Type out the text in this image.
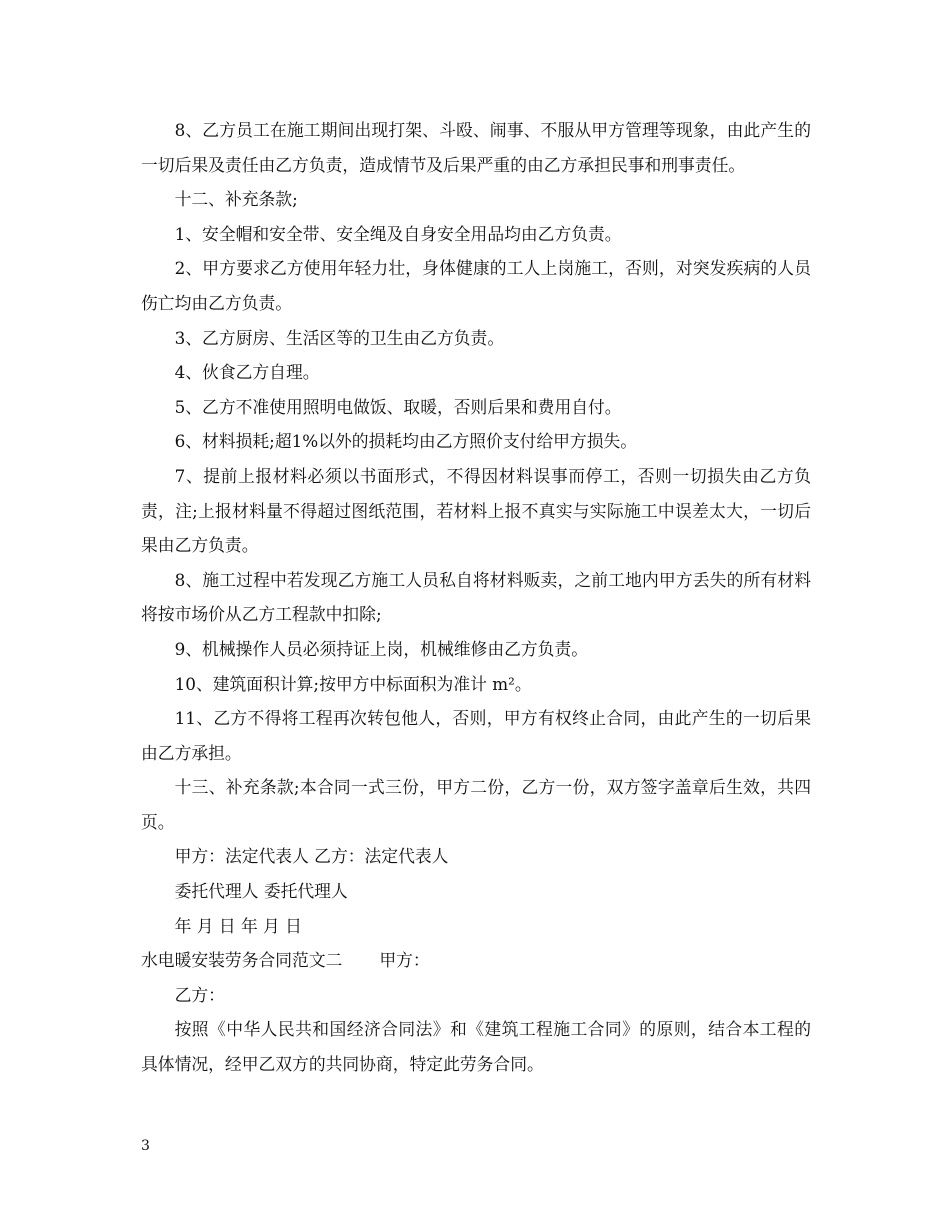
8、乙方员工在施工期间出现打架、斗殴、闹事、不服从甲方管理等现象，由此产生的一切后果及责任由乙方负责，造成情节及后果严重的由乙方承担民事和刑事责任。

十二、补充条款;

1、安全帽和安全带、安全绳及自身安全用品均由乙方负责。

2、甲方要求乙方使用年轻力壮，身体健康的工人上岗施工，否则，对突发疾病的人员伤亡均由乙方负责。

3、乙方厨房、生活区等的卫生由乙方负责。

4、伙食乙方自理。

5、乙方不准使用照明电做饭、取暖，否则后果和费用自付。

6、材料损耗;超1%以外的损耗均由乙方照价支付给甲方损失。

7、提前上报材料必须以书面形式，不得因材料误事而停工，否则一切损失由乙方负责，注;上报材料量不得超过图纸范围，若材料上报不真实与实际施工中误差太大，一切后果由乙方负责。

8、施工过程中若发现乙方施工人员私自将材料贩卖，之前工地内甲方丢失的所有材料将按市场价从乙方工程款中扣除;

9、机械操作人员必须持证上岗，机械维修由乙方负责。

10、建筑面积计算;按甲方中标面积为准计 m²。

11、乙方不得将工程再次转包他人，否则，甲方有权终止合同，由此产生的一切后果由乙方承担。

十三、补充条款;本合同一式三份，甲方二份，乙方一份，双方签字盖章后生效，共四页。

甲方：法定代表人 乙方：法定代表人

委托代理人 委托代理人

年 月 日 年 月 日

水电暖安装劳务合同范文二 甲方：

乙方：

按照《中华人民共和国经济合同法》和《建筑工程施工合同》的原则，结合本工程的具体情况，经甲乙双方的共同协商，特定此劳务合同。

3
